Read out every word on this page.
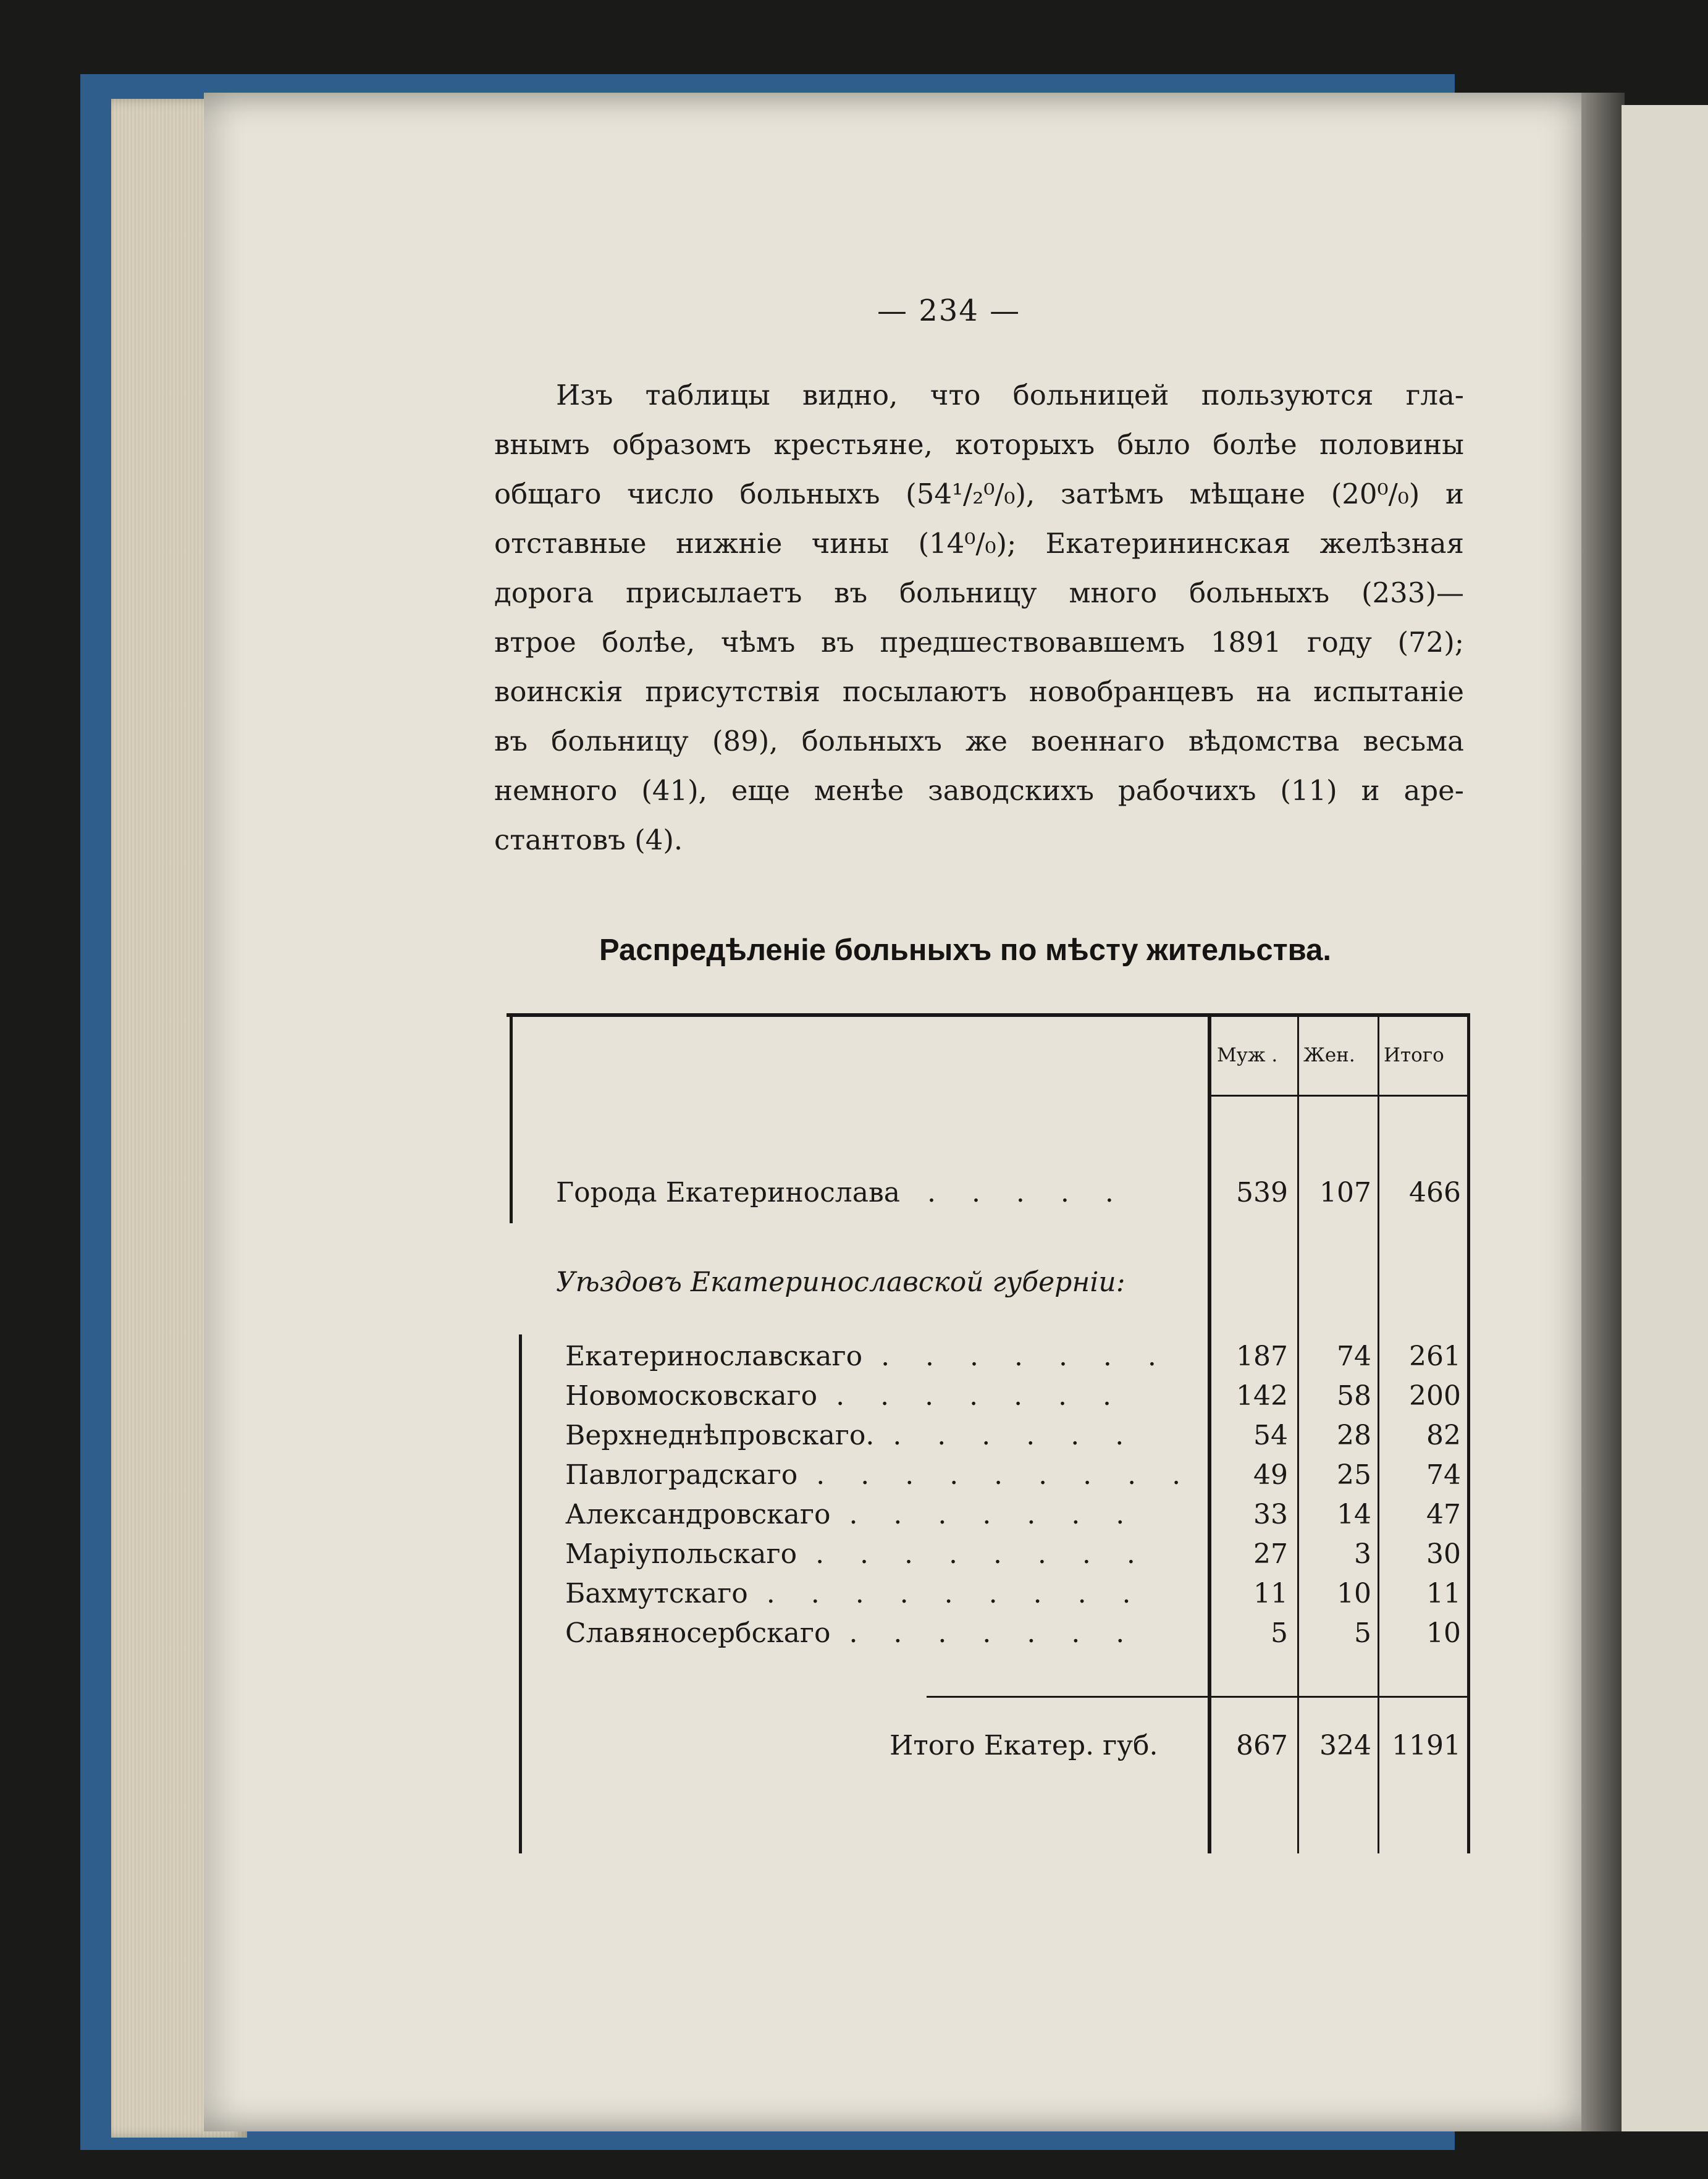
— 234 —
Изъ таблицы видно, что больницей пользуются гла-
внымъ образомъ крестьяне, которыхъ было болѣе половины
общаго число больныхъ (54¹/₂⁰/₀), затѣмъ мѣщане (20⁰/₀) и
отставные нижніе чины (14⁰/₀); Екатерининская желѣзная
дорога присылаетъ въ больницу много больныхъ (233)—
втрое болѣе, чѣмъ въ предшествовавшемъ 1891 году (72);
воинскія присутствія посылаютъ новобранцевъ на испытаніе
въ больницу (89), больныхъ же военнаго вѣдомства весьма
немного (41), еще менѣе заводскихъ рабочихъ (11) и аре-
стантовъ (4).
Распредѣленіе больныхъ по мѣсту жительства.
Муж . Жен. Итого
Города Екатеринослава . . . . .	539	107	466
Уѣздовъ Екатеринославской губерніи:
Екатеринославскаго . . . . . . .	187	74	261
Новомосковскаго . . . . . . .	142	58	200
Верхнеднѣпровскаго. . . . . . .	54	28	82
Павлоградскаго . . . . . . . . .	49	25	74
Александровскаго . . . . . . .	33	14	47
Маріупольскаго . . . . . . . .	27	3	30
Бахмутскаго . . . . . . . . .	11	10	11
Славяносербскаго . . . . . . .	5	5	10
Итого Екатер. губ.	867	324 1191
